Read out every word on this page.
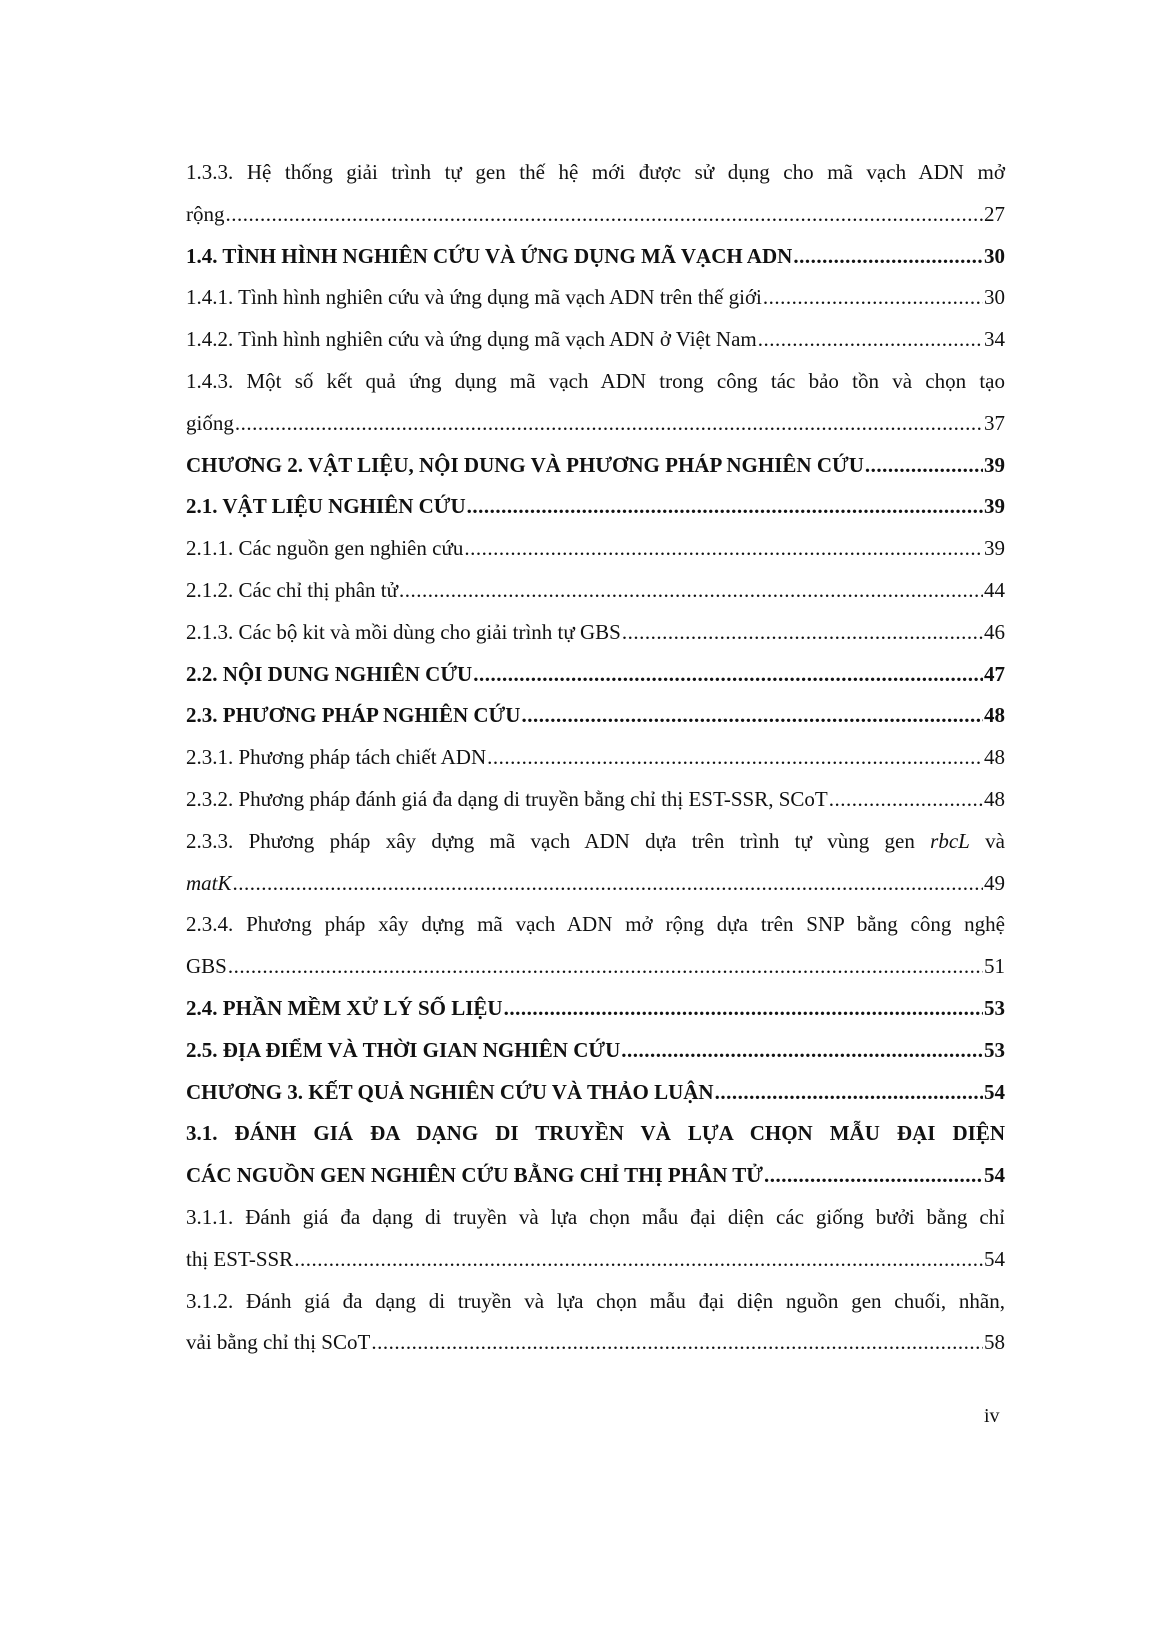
1.3.3. Hệ thống giải trình tự gen thế hệ mới được sử dụng cho mã vạch ADN mở
rộng .....	27
1.4. TÌNH HÌNH NGHIÊN CỨU VÀ ỨNG DỤNG MÃ VẠCH ADN .....	30
1.4.1. Tình hình nghiên cứu và ứng dụng mã vạch ADN trên thế giới .....	30
1.4.2. Tình hình nghiên cứu và ứng dụng mã vạch ADN ở Việt Nam .....	34
1.4.3. Một số kết quả ứng dụng mã vạch ADN trong công tác bảo tồn và chọn tạo
giống .....	37
CHƯƠNG 2. VẬT LIỆU, NỘI DUNG VÀ PHƯƠNG PHÁP NGHIÊN CỨU .....	39
2.1. VẬT LIỆU NGHIÊN CỨU .....	39
2.1.1. Các nguồn gen nghiên cứu .....	39
2.1.2. Các chỉ thị phân tử .....	44
2.1.3. Các bộ kit và mồi dùng cho giải trình tự GBS .....	46
2.2. NỘI DUNG NGHIÊN CỨU .....	47
2.3. PHƯƠNG PHÁP NGHIÊN CỨU .....	48
2.3.1. Phương pháp tách chiết ADN .....	48
2.3.2. Phương pháp đánh giá đa dạng di truyền bằng chỉ thị EST-SSR, SCoT .....	48
2.3.3. Phương pháp xây dựng mã vạch ADN dựa trên trình tự vùng gen rbcL và
matK .....	49
2.3.4. Phương pháp xây dựng mã vạch ADN mở rộng dựa trên SNP bằng công nghệ
GBS .....	51
2.4. PHẦN MỀM XỬ LÝ SỐ LIỆU .....	53
2.5. ĐỊA ĐIỂM VÀ THỜI GIAN NGHIÊN CỨU .....	53
CHƯƠNG 3. KẾT QUẢ NGHIÊN CỨU VÀ THẢO LUẬN .....	54
3.1. ĐÁNH GIÁ ĐA DẠNG DI TRUYỀN VÀ LỰA CHỌN MẪU ĐẠI DIỆN
CÁC NGUỒN GEN NGHIÊN CỨU BẰNG CHỈ THỊ PHÂN TỬ .....	54
3.1.1. Đánh giá đa dạng di truyền và lựa chọn mẫu đại diện các giống bưởi bằng chỉ
thị EST-SSR .....	54
3.1.2. Đánh giá đa dạng di truyền và lựa chọn mẫu đại diện nguồn gen chuối, nhãn,
vải bằng chỉ thị SCoT .....	58
iv
